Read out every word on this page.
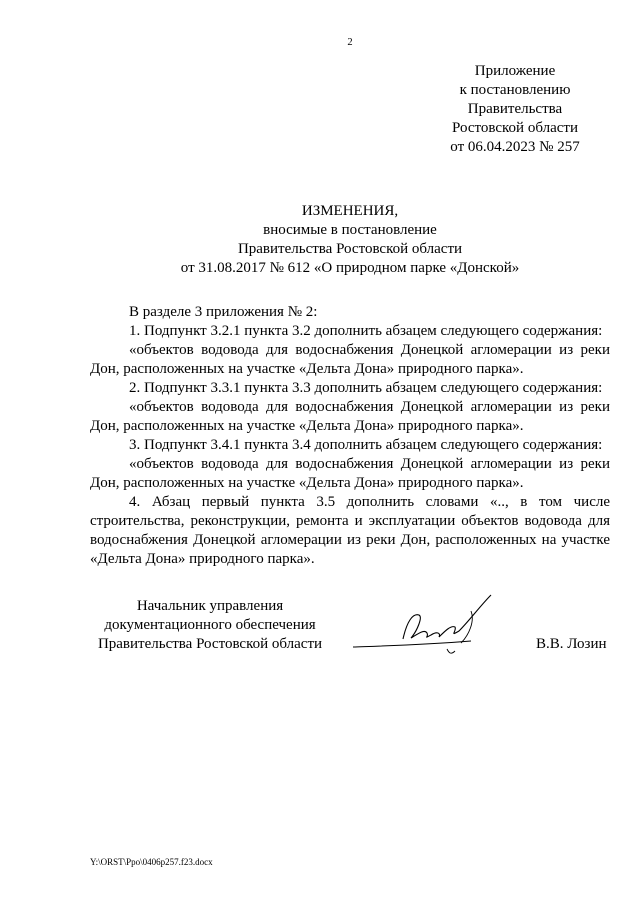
2
Приложение
к постановлению
Правительства
Ростовской области
от 06.04.2023 № 257
ИЗМЕНЕНИЯ,
вносимые в постановление
Правительства Ростовской области
от 31.08.2017 № 612 «О природном парке «Донской»

В разделе 3 приложения № 2:

1. Подпункт 3.2.1 пункта 3.2 дополнить абзацем следующего содержания:

«объектов водовода для водоснабжения Донецкой агломерации из реки Дон, расположенных на участке «Дельта Дона» природного парка».

2. Подпункт 3.3.1 пункта 3.3 дополнить абзацем следующего содержания:

«объектов водовода для водоснабжения Донецкой агломерации из реки Дон, расположенных на участке «Дельта Дона» природного парка».

3. Подпункт 3.4.1 пункта 3.4 дополнить абзацем следующего содержания:

«объектов водовода для водоснабжения Донецкой агломерации из реки Дон, расположенных на участке «Дельта Дона» природного парка».

4. Абзац первый пункта 3.5 дополнить словами «.., в том числе строительства, реконструкции, ремонта и эксплуатации объектов водовода для водоснабжения Донецкой агломерации из реки Дон, расположенных на участке «Дельта Дона» природного парка».

Начальник управления
документационного обеспечения
Правительства Ростовской области	В.В. Лозин
Y:\ORST\Ppo\0406p257.f23.docx
